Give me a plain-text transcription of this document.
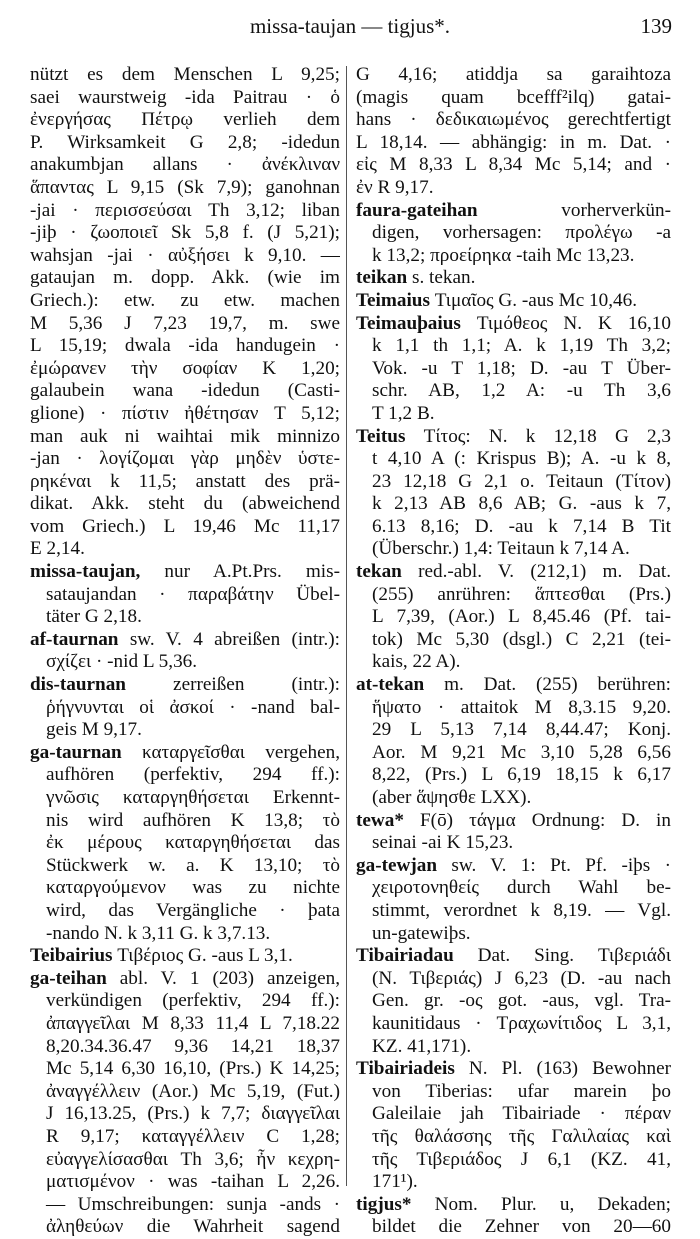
missa-taujan — tigjus*.	139
nützt es dem Menschen L 9,25;
saei waurstweig -ida Paitrau · ὁ
ἐνεργήσας Πέτρῳ verlieh dem
P. Wirksamkeit G 2,8; -idedun
anakumbjan allans · ἀνέκλιναν
ἅπαντας L 9,15 (Sk 7,9); ganohnan
-jai · περισσεύσαι Th 3,12; liban
-jiþ · ζωοποιεῖ Sk 5,8 f. (J 5,21);
wahsjan -jai · αὐξήσει k 9,10. —
gataujan m. dopp. Akk. (wie im
Griech.): etw. zu etw. machen
M 5,36 J 7,23 19,7, m. swe
L 15,19; dwala -ida handugein ·
ἐμώρανεν τὴν σοφίαν K 1,20;
galaubein wana -idedun (Casti-
glione) · πίστιν ἠθέτησαν T 5,12;
man auk ni waihtai mik minnizo
-jan · λογίζομαι γὰρ μηδὲν ὑστε-
ρηκέναι k 11,5; anstatt des prä-
dikat. Akk. steht du (abweichend
vom Griech.) L 19,46 Mc 11,17
E 2,14.
missa-taujan, nur A.Pt.Prs. mis-
sataujandan · παραβάτην Übel-
täter G 2,18.
af-taurnan sw. V. 4 abreißen (intr.):
σχίζει · -nid L 5,36.
dis-taurnan zerreißen (intr.):
ῥήγνυνται οἱ ἀσκοί · -nand bal-
geis M 9,17.
ga-taurnan καταργεῖσθαι vergehen,
aufhören (perfektiv, 294 ff.):
γνῶσις καταργηθήσεται Erkennt-
nis wird aufhören K 13,8; τὸ
ἐκ μέρους καταργηθήσεται das
Stückwerk w. a. K 13,10; τὸ
καταργούμενον was zu nichte
wird, das Vergängliche · þata
-nando N. k 3,11 G. k 3,7.13.
Teibairius Τιβέριος G. -aus L 3,1.
ga-teihan abl. V. 1 (203) anzeigen,
verkündigen (perfektiv, 294 ff.):
ἀπαγγεῖλαι M 8,33 11,4 L 7,18.22
8,20.34.36.47 9,36 14,21 18,37
Mc 5,14 6,30 16,10, (Prs.) K 14,25;
ἀναγγέλλειν (Aor.) Mc 5,19, (Fut.)
J 16,13.25, (Prs.) k 7,7; διαγγεῖλαι
R 9,17; καταγγέλλειν C 1,28;
εὐαγγελίσασθαι Th 3,6; ἦν κεχρη-
ματισμένον · was -taihan L 2,26.
— Umschreibungen: sunja -ands ·
ἀληθεύων die Wahrheit sagend
G 4,16; atiddja sa garaihtoza
(magis quam bcefff²ilq) gatai-
hans · δεδικαιωμένος gerechtfertigt
L 18,14. — abhängig: in m. Dat. ·
εἰς M 8,33 L 8,34 Mc 5,14; and ·
ἐν R 9,17.
faura-gateihan vorherverkün-
digen, vorhersagen: προλέγω -a
k 13,2; προείρηκα -taih Mc 13,23.
teikan s. tekan.
Teimaius Τιμαῖος G. -aus Mc 10,46.
Teimauþaius Τιμόθεος N. K 16,10
k 1,1 th 1,1; A. k 1,19 Th 3,2;
Vok. -u T 1,18; D. -au T Über-
schr. AB, 1,2 A: -u Th 3,6
T 1,2 B.
Teitus Τίτος: N. k 12,18 G 2,3
t 4,10 A (: Krispus B); A. -u k 8,
23 12,18 G 2,1 o. Teitaun (Τίτον)
k 2,13 AB 8,6 AB; G. -aus k 7,
6.13 8,16; D. -au k 7,14 B Tit
(Überschr.) 1,4: Teitaun k 7,14 A.
tekan red.-abl. V. (212,1) m. Dat.
(255) anrühren: ἅπτεσθαι (Prs.)
L 7,39, (Aor.) L 8,45.46 (Pf. tai-
tok) Mc 5,30 (dsgl.) C 2,21 (tei-
kais, 22 A).
at-tekan m. Dat. (255) berühren:
ἥψατο · attaitok M 8,3.15 9,20.
29 L 5,13 7,14 8,44.47; Konj.
Aor. M 9,21 Mc 3,10 5,28 6,56
8,22, (Prs.) L 6,19 18,15 k 6,17
(aber ἅψησθε LXX).
tewa* F(ō) τάγμα Ordnung: D. in
seinai -ai K 15,23.
ga-tewjan sw. V. 1: Pt. Pf. -iþs ·
χειροτονηθείς durch Wahl be-
stimmt, verordnet k 8,19. — Vgl.
un-gatewiþs.
Tibairiadau Dat. Sing. Τιβεριάδι
(N. Τιβεριάς) J 6,23 (D. -au nach
Gen. gr. -ος got. -aus, vgl. Tra-
kaunitidaus · Τραχωνίτιδος L 3,1,
KZ. 41,171).
Tibairiadeis N. Pl. (163) Bewohner
von Tiberias: ufar marein þo
Galeilaie jah Tibairiade · πέραν
τῆς θαλάσσης τῆς Γαλιλαίας καὶ
τῆς Τιβεριάδος J 6,1 (KZ. 41,
171¹).
tigjus* Nom. Plur. u, Dekaden;
bildet die Zehner von 20—60
